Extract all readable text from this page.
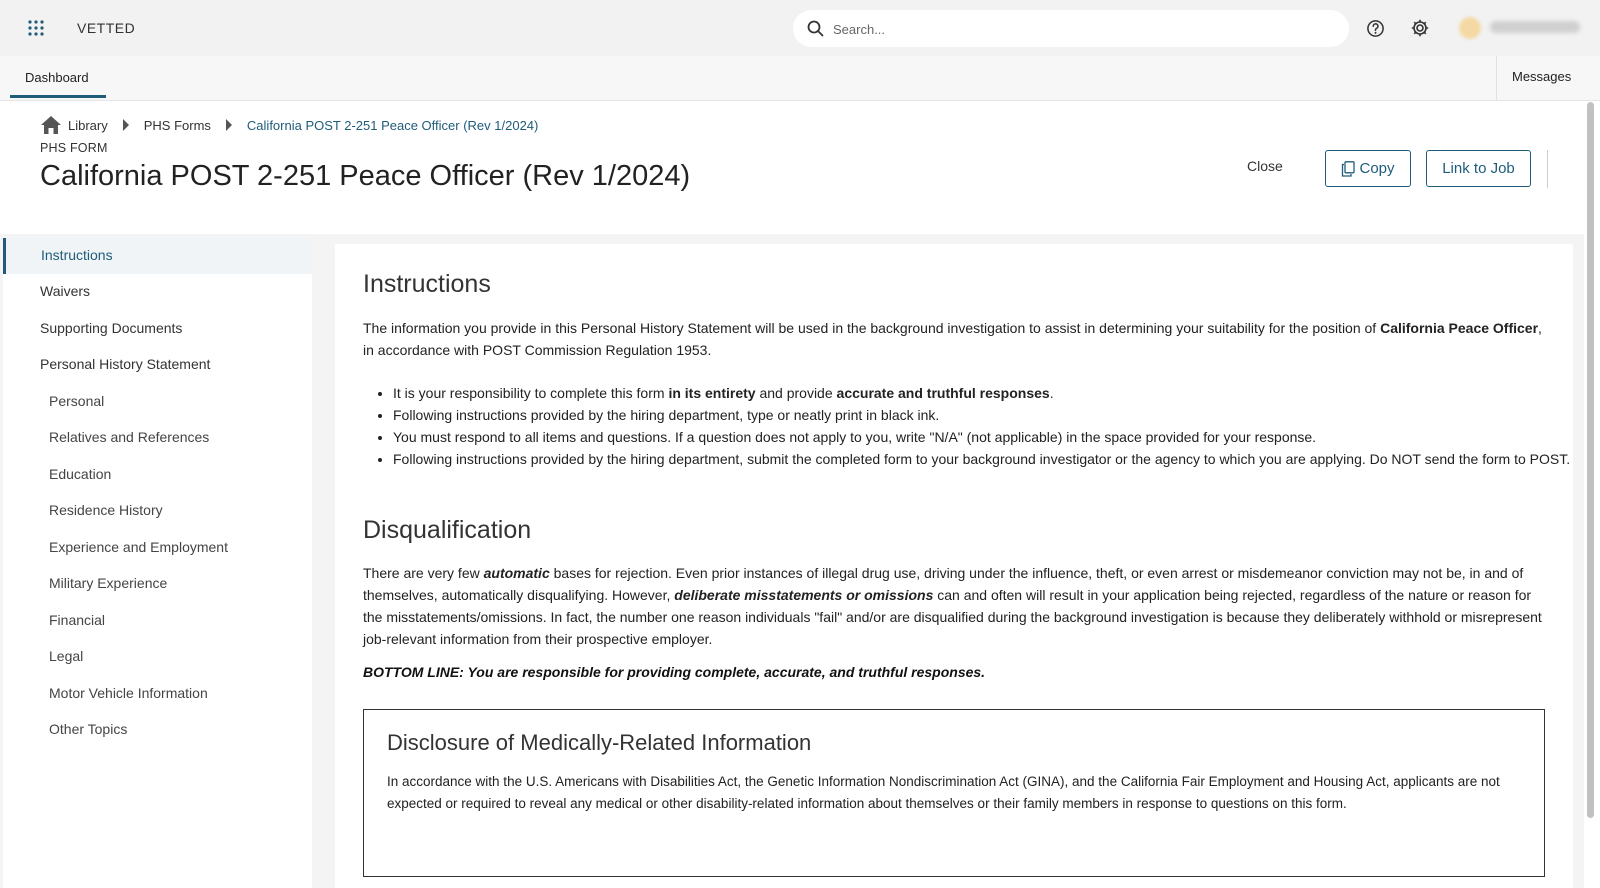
VETTED
Search...
Dashboard	Messages
Library	PHS Forms	California POST 2-251 Peace Officer (Rev 1/2024)
PHS FORM
California POST 2-251 Peace Officer (Rev 1/2024)	Close	Copy	Link to Job
Instructions
Waivers
Supporting Documents
Personal History Statement
Personal
Relatives and References
Education
Residence History
Experience and Employment
Military Experience
Financial
Legal
Motor Vehicle Information
Other Topics
Instructions

The information you provide in this Personal History Statement will be used in the background investigation to assist in determining your suitability for the position of California Peace Officer, in accordance with POST Commission Regulation 1953.

• It is your responsibility to complete this form in its entirety and provide accurate and truthful responses.
• Following instructions provided by the hiring department, type or neatly print in black ink.
• You must respond to all items and questions. If a question does not apply to you, write "N/A" (not applicable) in the space provided for your response.
• Following instructions provided by the hiring department, submit the completed form to your background investigator or the agency to which you are applying. Do NOT send the form to POST.
Disqualification

There are very few automatic bases for rejection. Even prior instances of illegal drug use, driving under the influence, theft, or even arrest or misdemeanor conviction may not be, in and of themselves, automatically disqualifying. However, deliberate misstatements or omissions can and often will result in your application being rejected, regardless of the nature or reason for the misstatements/omissions. In fact, the number one reason individuals "fail" and/or are disqualified during the background investigation is because they deliberately withhold or misrepresent job-relevant information from their prospective employer.

BOTTOM LINE: You are responsible for providing complete, accurate, and truthful responses.

Disclosure of Medically-Related Information

In accordance with the U.S. Americans with Disabilities Act, the Genetic Information Nondiscrimination Act (GINA), and the California Fair Employment and Housing Act, applicants are not expected or required to reveal any medical or other disability-related information about themselves or their family members in response to questions on this form.
